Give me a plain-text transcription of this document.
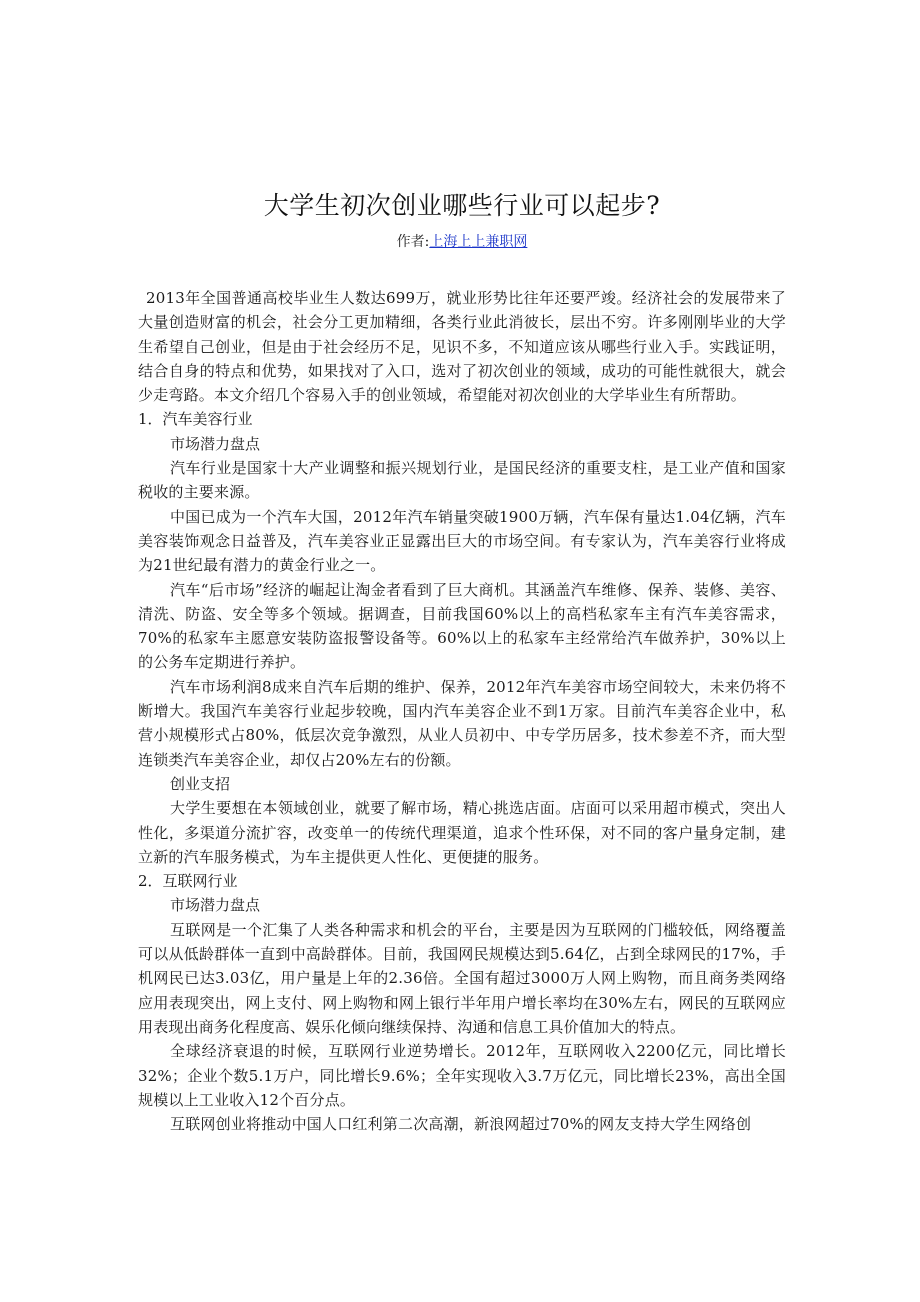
大学生初次创业哪些行业可以起步?
作者:上海上上兼职网

2013年全国普通高校毕业生人数达699万，就业形势比往年还要严竣。经济社会的发展带来了大量创造财富的机会，社会分工更加精细，各类行业此消彼长，层出不穷。许多刚刚毕业的大学生希望自己创业，但是由于社会经历不足，见识不多，不知道应该从哪些行业入手。实践证明，结合自身的特点和优势，如果找对了入口，选对了初次创业的领域，成功的可能性就很大，就会少走弯路。本文介绍几个容易入手的创业领域，希望能对初次创业的大学毕业生有所帮助。

1．汽车美容行业
市场潜力盘点

汽车行业是国家十大产业调整和振兴规划行业，是国民经济的重要支柱，是工业产值和国家税收的主要来源。

中国已成为一个汽车大国，2012年汽车销量突破1900万辆，汽车保有量达1.04亿辆，汽车美容装饰观念日益普及，汽车美容业正显露出巨大的市场空间。有专家认为，汽车美容行业将成为21世纪最有潜力的黄金行业之一。

汽车“后市场”经济的崛起让淘金者看到了巨大商机。其涵盖汽车维修、保养、装修、美容、清洗、防盗、安全等多个领域。据调查，目前我国60%以上的高档私家车主有汽车美容需求，70%的私家车主愿意安装防盗报警设备等。60%以上的私家车主经常给汽车做养护，30%以上的公务车定期进行养护。

汽车市场利润8成来自汽车后期的维护、保养，2012年汽车美容市场空间较大，未来仍将不断增大。我国汽车美容行业起步较晚，国内汽车美容企业不到1万家。目前汽车美容企业中，私营小规模形式占80%，低层次竞争激烈，从业人员初中、中专学历居多，技术参差不齐，而大型连锁类汽车美容企业，却仅占20%左右的份额。

创业支招

大学生要想在本领域创业，就要了解市场，精心挑选店面。店面可以采用超市模式，突出人性化，多渠道分流扩容，改变单一的传统代理渠道，追求个性环保，对不同的客户量身定制，建立新的汽车服务模式，为车主提供更人性化、更便捷的服务。

2．互联网行业
市场潜力盘点

互联网是一个汇集了人类各种需求和机会的平台，主要是因为互联网的门槛较低，网络覆盖可以从低龄群体一直到中高龄群体。目前，我国网民规模达到5.64亿，占到全球网民的17%，手机网民已达3.03亿，用户量是上年的2.36倍。全国有超过3000万人网上购物，而且商务类网络应用表现突出，网上支付、网上购物和网上银行半年用户增长率均在30%左右，网民的互联网应用表现出商务化程度高、娱乐化倾向继续保持、沟通和信息工具价值加大的特点。

全球经济衰退的时候，互联网行业逆势增长。2012年，互联网收入2200亿元，同比增长32%；企业个数5.1万户，同比增长9.6%；全年实现收入3.7万亿元，同比增长23%，高出全国规模以上工业收入12个百分点。

互联网创业将推动中国人口红利第二次高潮，新浪网超过70%的网友支持大学生网络创
